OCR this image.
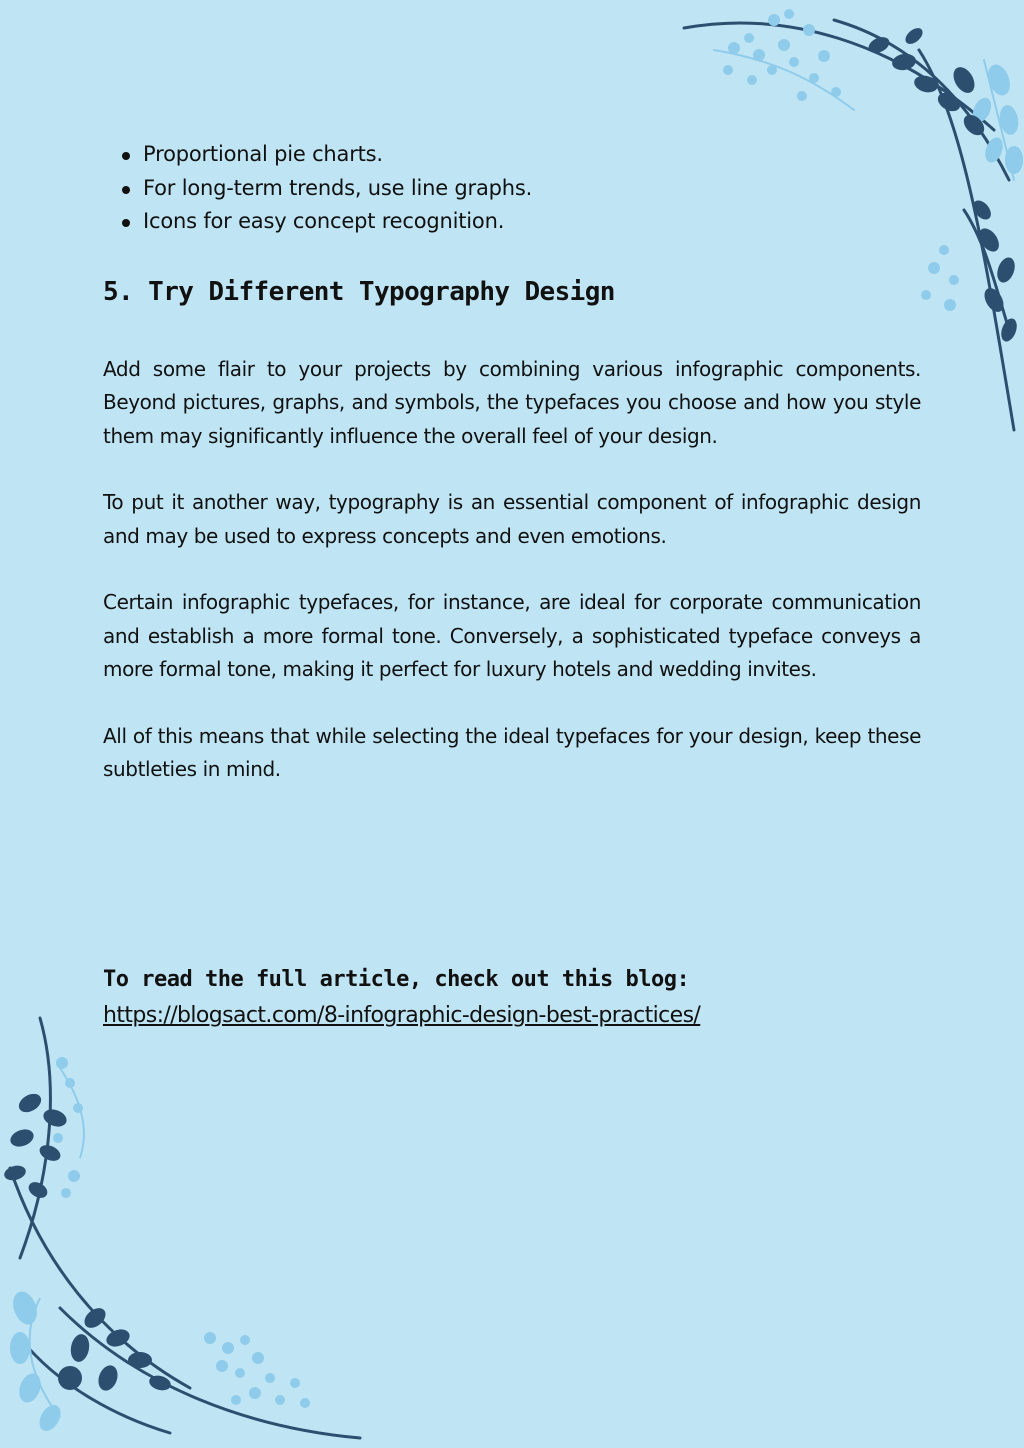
Proportional pie charts.
For long-term trends, use line graphs.
Icons for easy concept recognition.
5. Try Different Typography Design

Add some flair to your projects by combining various infographic components. Beyond pictures, graphs, and symbols, the typefaces you choose and how you style them may significantly influence the overall feel of your design.

To put it another way, typography is an essential component of infographic design and may be used to express concepts and even emotions.

Certain infographic typefaces, for instance, are ideal for corporate communication and establish a more formal tone. Conversely, a sophisticated typeface conveys a more formal tone, making it perfect for luxury hotels and wedding invites.

All of this means that while selecting the ideal typefaces for your design, keep these subtleties in mind.

To read the full article, check out this blog:
https://blogsact.com/8-infographic-design-best-practices/
